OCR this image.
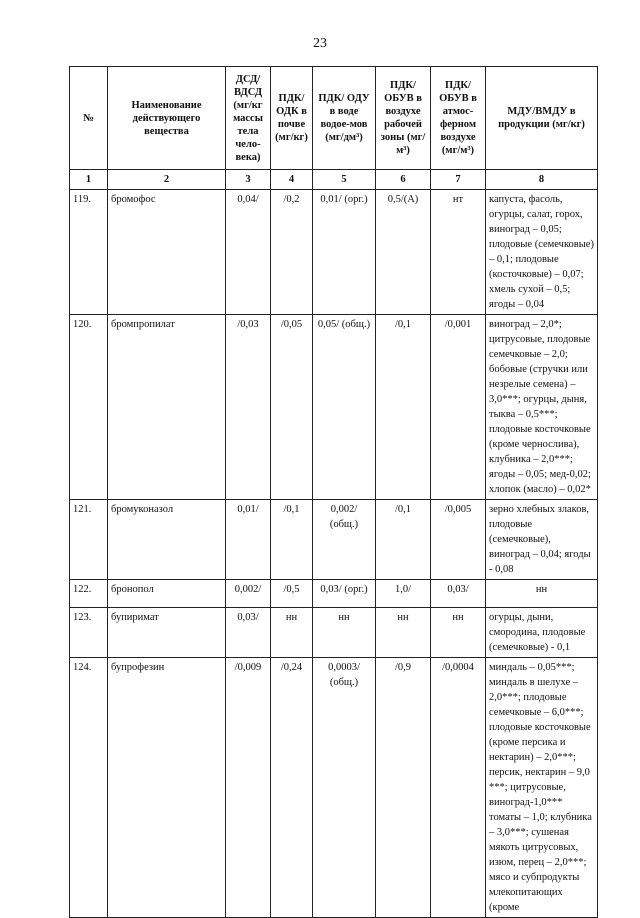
23
№	Наименование действующего вещества	ДСД/ ВДСД (мг/кг массы тела чело-века)	ПДК/ ОДК в почве (мг/кг)	ПДК/ ОДУ в воде водое-мов (мг/дм³)	ПДК/ ОБУВ в воздухе рабочей зоны (мг/м³)	ПДК/ ОБУВ в атмос-ферном воздухе (мг/м³)	МДУ/ВМДУ в продукции (мг/кг)
1	2	3	4	5	6	7	8
119.	бромофос	0,04/	/0,2	0,01/ (орг.)	0,5/(А)	нт	капуста, фасоль, огурцы, салат, горох, виноград – 0,05; плодовые (семечковые) – 0,1; плодовые (косточковые) – 0,07; хмель сухой – 0,5; ягоды – 0,04
120.	бромпропилат	/0,03	/0,05	0,05/ (общ.)	/0,1	/0,001	виноград – 2,0*; цитрусовые, плодовые семечковые – 2,0; бобовые (стручки или незрелые семена) – 3,0***; огурцы, дыня, тыква – 0,5***; плодовые косточковые (кроме чернослива), клубника – 2,0***; ягоды – 0,05; мед-0,02; хлопок (масло) – 0,02*
121.	бромуконазол	0,01/	/0,1	0,002/ (общ.)	/0,1	/0,005	зерно хлебных злаков, плодовые (семечковые), виноград – 0,04; ягоды - 0,08
122.	бронопол	0,002/	/0,5	0,03/ (орг.)	1,0/	0,03/	нн
123.	бупиримат	0,03/	нн	нн	нн	нн	огурцы, дыни, смородина, плодовые (семечковые) - 0,1
124.	бупрофезин	/0,009	/0,24	0,0003/ (общ.)	/0,9	/0,0004	миндаль – 0,05***; миндаль в шелухе – 2,0***; плодовые семечковые – 6,0***; плодовые косточковые (кроме персика и нектарин) – 2,0***; персик, нектарин – 9,0 ***; цитрусовые, виноград-1,0*** томаты – 1,0; клубника – 3,0***; сушеная мякоть цитрусовых, изюм, перец – 2,0***; мясо и субпродукты млекопитающих (кроме
